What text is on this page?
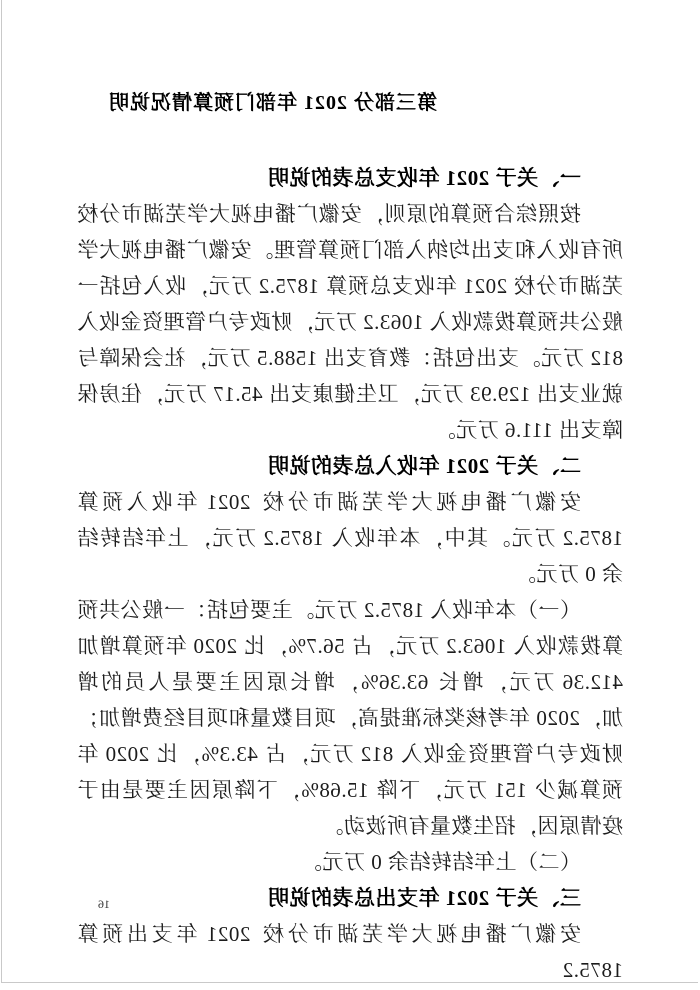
第三部分 2021 年部门预算情况说明
一、关于 2021 年收支总表的说明
按照综合预算的原则，安徽广播电视大学芜湖市分校所有收入和支出均纳入部门预算管理。安徽广播电视大学芜湖市分校 2021 年收支总预算 1875.2 万元，收入包括一般公共预算拨款收入 1063.2 万元，财政专户管理资金收入 812 万元。支出包括：教育支出 1588.5 万元，社会保障与就业支出 129.93 万元，卫生健康支出 45.17 万元，住房保障支出 111.6 万元。
二、关于 2021 年收入总表的说明
安徽广播电视大学芜湖市分校 2021 年收入预算 1875.2 万元。其中，本年收入 1875.2 万元，上年结转结余 0 万元。
（一）本年收入 1875.2 万元。主要包括：一般公共预算拨款收入 1063.2 万元，占 56.7%，比 2020 年预算增加 412.36 万元，增长 63.36%，增长原因主要是人员的增加，2020 年考核奖标准提高，项目数量和项目经费增加；财政专户管理资金收入 812 万元，占 43.3%，比 2020 年预算减少 151 万元，下降 15.68%，下降原因主要是由于疫情原因，招生数量有所波动。
（二）上年结转结余 0 万元。
三、关于 2021 年支出总表的说明
安徽广播电视大学芜湖市分校 2021 年支出预算 1875.2
16
